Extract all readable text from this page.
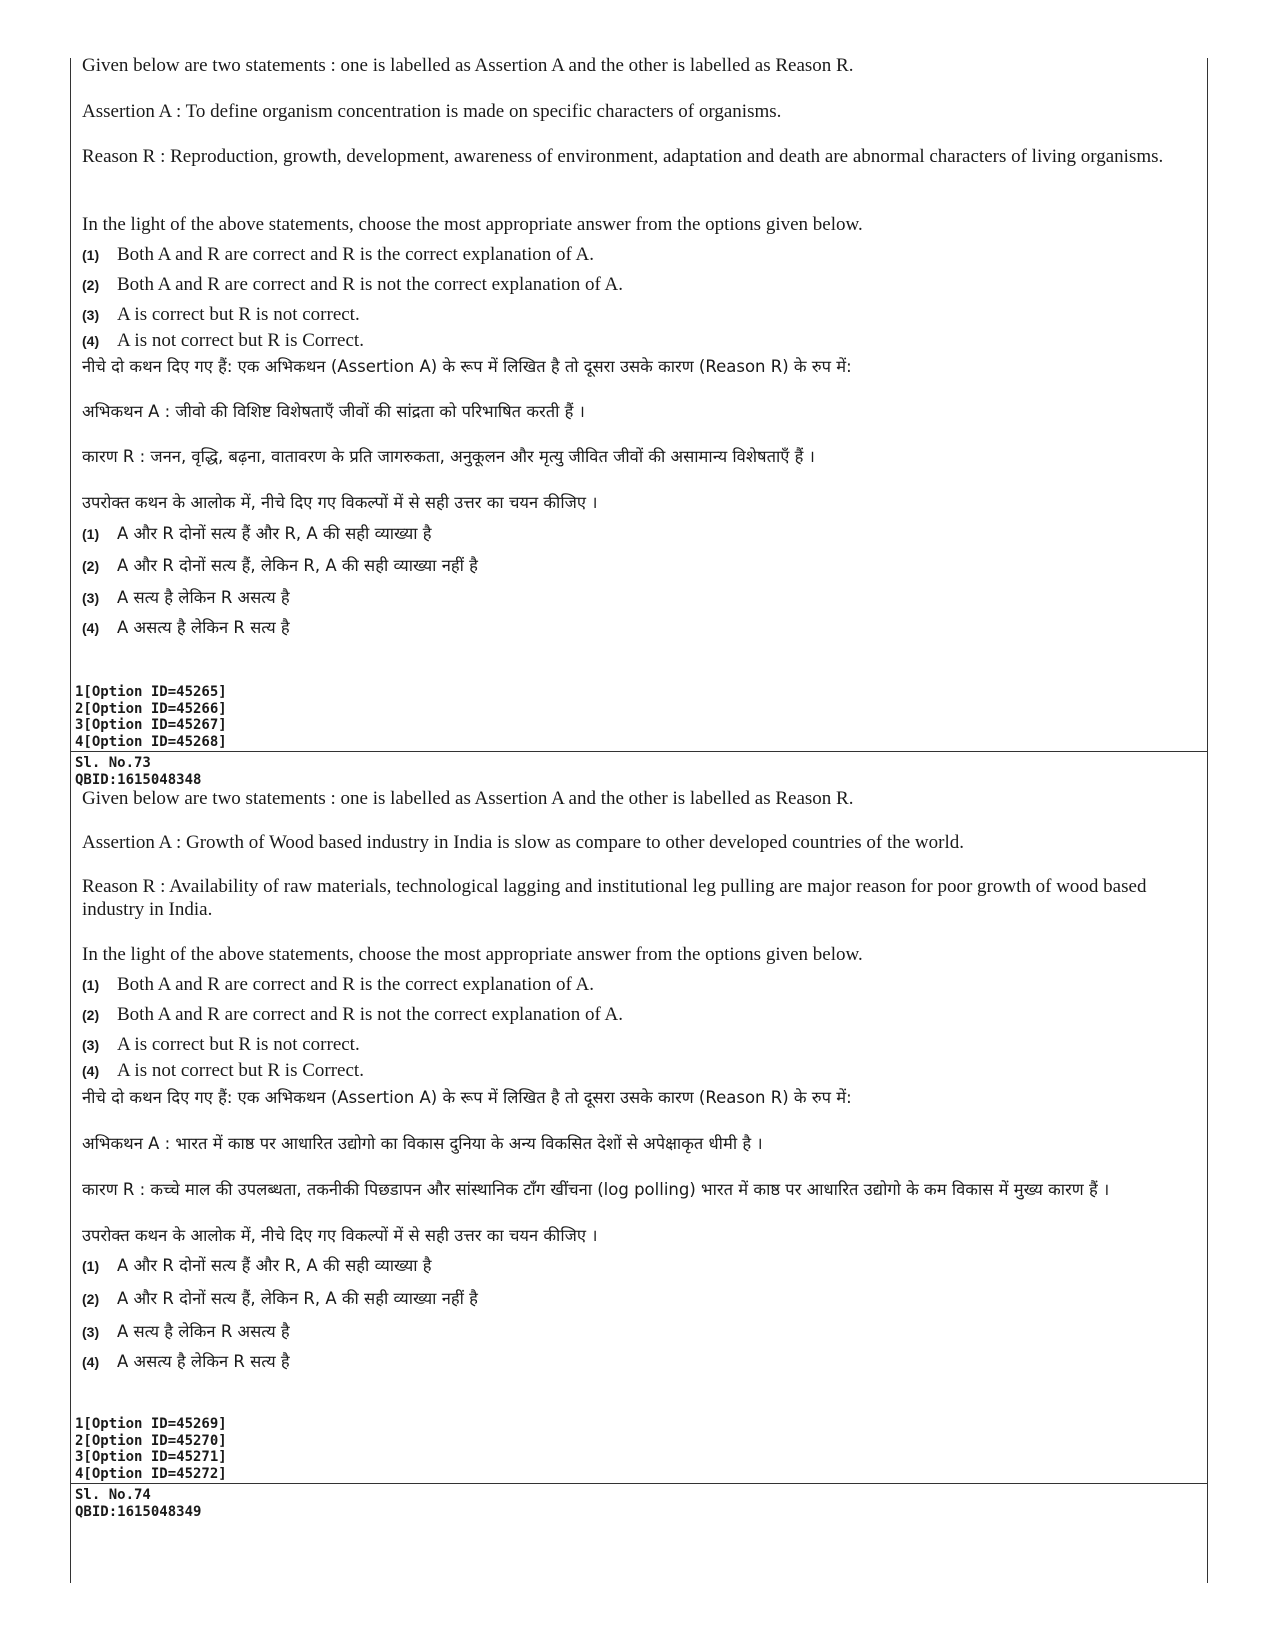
Given below are two statements : one is labelled as Assertion A and the other is labelled as Reason R.

Assertion A : To define organism concentration is made on specific characters of organisms.

Reason R : Reproduction, growth, development, awareness of environment, adaptation and death are abnormal characters of living organisms.

In the light of the above statements, choose the most appropriate answer from the options given below.

(1) Both A and R are correct and R is the correct explanation of A.
(2) Both A and R are correct and R is not the correct explanation of A.
(3) A is correct but R is not correct.
(4) A is not correct but R is Correct.

नीचे दो कथन दिए गए हैं: एक अभिकथन (Assertion A) के रूप में लिखित है तो दूसरा उसके कारण (Reason R) के रुप में:

अभिकथन A : जीवो की विशिष्ट विशेषताएँ जीवों की सांद्रता को परिभाषित करती हैं ।

कारण R : जनन, वृद्धि, बढ़ना, वातावरण के प्रति जागरुकता, अनुकूलन और मृत्यु जीवित जीवों की असामान्य विशेषताएँ हैं ।

उपरोक्त कथन के आलोक में, नीचे दिए गए विकल्पों में से सही उत्तर का चयन कीजिए ।

(1)	A और R दोनों सत्य हैं और R, A की सही व्याख्या है
(2)	A और R दोनों सत्य हैं, लेकिन R, A की सही व्याख्या नहीं है
(3)	A सत्य है लेकिन R असत्य है
(4)	A असत्य है लेकिन R सत्य है
1[Option ID=45265]
2[Option ID=45266]
3[Option ID=45267]
4[Option ID=45268]
Sl. No.73
QBID:1615048348

Given below are two statements : one is labelled as Assertion A and the other is labelled as Reason R.

Assertion A : Growth of Wood based industry in India is slow as compare to other developed countries of the world.

Reason R : Availability of raw materials, technological lagging and institutional leg pulling are major reason for poor growth of wood based industry in India.

In the light of the above statements, choose the most appropriate answer from the options given below.

(1) Both A and R are correct and R is the correct explanation of A.
(2) Both A and R are correct and R is not the correct explanation of A.
(3) A is correct but R is not correct.
(4) A is not correct but R is Correct.

नीचे दो कथन दिए गए हैं: एक अभिकथन (Assertion A) के रूप में लिखित है तो दूसरा उसके कारण (Reason R) के रुप में:

अभिकथन A : भारत में काष्ठ पर आधारित उद्योगो का विकास दुनिया के अन्य विकसित देशों से अपेक्षाकृत धीमी है ।

कारण R : कच्चे माल की उपलब्धता, तकनीकी पिछडापन और सांस्थानिक टाँग खींचना (log polling) भारत में काष्ठ पर आधारित उद्योगो के कम विकास में मुख्य कारण हैं ।

उपरोक्त कथन के आलोक में, नीचे दिए गए विकल्पों में से सही उत्तर का चयन कीजिए ।

(1)	A और R दोनों सत्य हैं और R, A की सही व्याख्या है
(2)	A और R दोनों सत्य हैं, लेकिन R, A की सही व्याख्या नहीं है
(3)	A सत्य है लेकिन R असत्य है
(4)	A असत्य है लेकिन R सत्य है
1[Option ID=45269]
2[Option ID=45270]
3[Option ID=45271]
4[Option ID=45272]
Sl. No.74
QBID:1615048349
